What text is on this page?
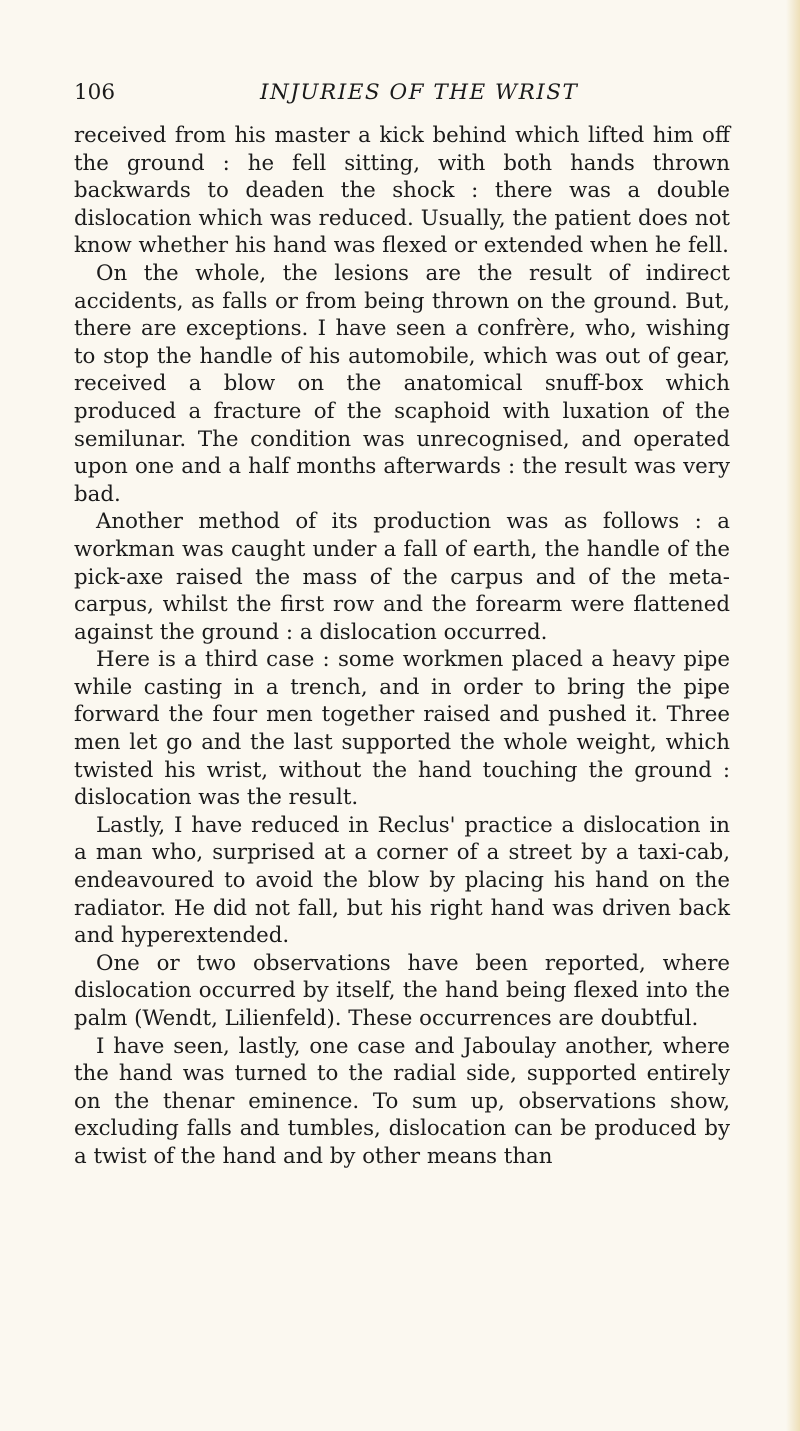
106	INJURIES OF THE WRIST

received from his master a kick behind which lifted him off the ground : he fell sitting, with both hands thrown backwards to deaden the shock : there was a double dislocation which was reduced. Usually, the patient does not know whether his hand was flexed or extended when he fell.

On the whole, the lesions are the result of indirect accidents, as falls or from being thrown on the ground. But, there are exceptions. I have seen a confrère, who, wishing to stop the handle of his automobile, which was out of gear, received a blow on the anatomical snuff-box which produced a fracture of the scaphoid with luxation of the semilunar. The condition was unrecognised, and operated upon one and a half months afterwards : the result was very bad.

Another method of its production was as follows : a workman was caught under a fall of earth, the handle of the pick-axe raised the mass of the carpus and of the meta-carpus, whilst the first row and the forearm were flattened against the ground : a dislocation occurred.

Here is a third case : some workmen placed a heavy pipe while casting in a trench, and in order to bring the pipe forward the four men together raised and pushed it. Three men let go and the last supported the whole weight, which twisted his wrist, without the hand touching the ground : dislocation was the result.

Lastly, I have reduced in Reclus' practice a dislocation in a man who, surprised at a corner of a street by a taxi-cab, endeavoured to avoid the blow by placing his hand on the radiator. He did not fall, but his right hand was driven back and hyperextended.

One or two observations have been reported, where dislocation occurred by itself, the hand being flexed into the palm (Wendt, Lilienfeld). These occurrences are doubtful.

I have seen, lastly, one case and Jaboulay another, where the hand was turned to the radial side, supported entirely on the thenar eminence. To sum up, observations show, excluding falls and tumbles, dislocation can be produced by a twist of the hand and by other means than
